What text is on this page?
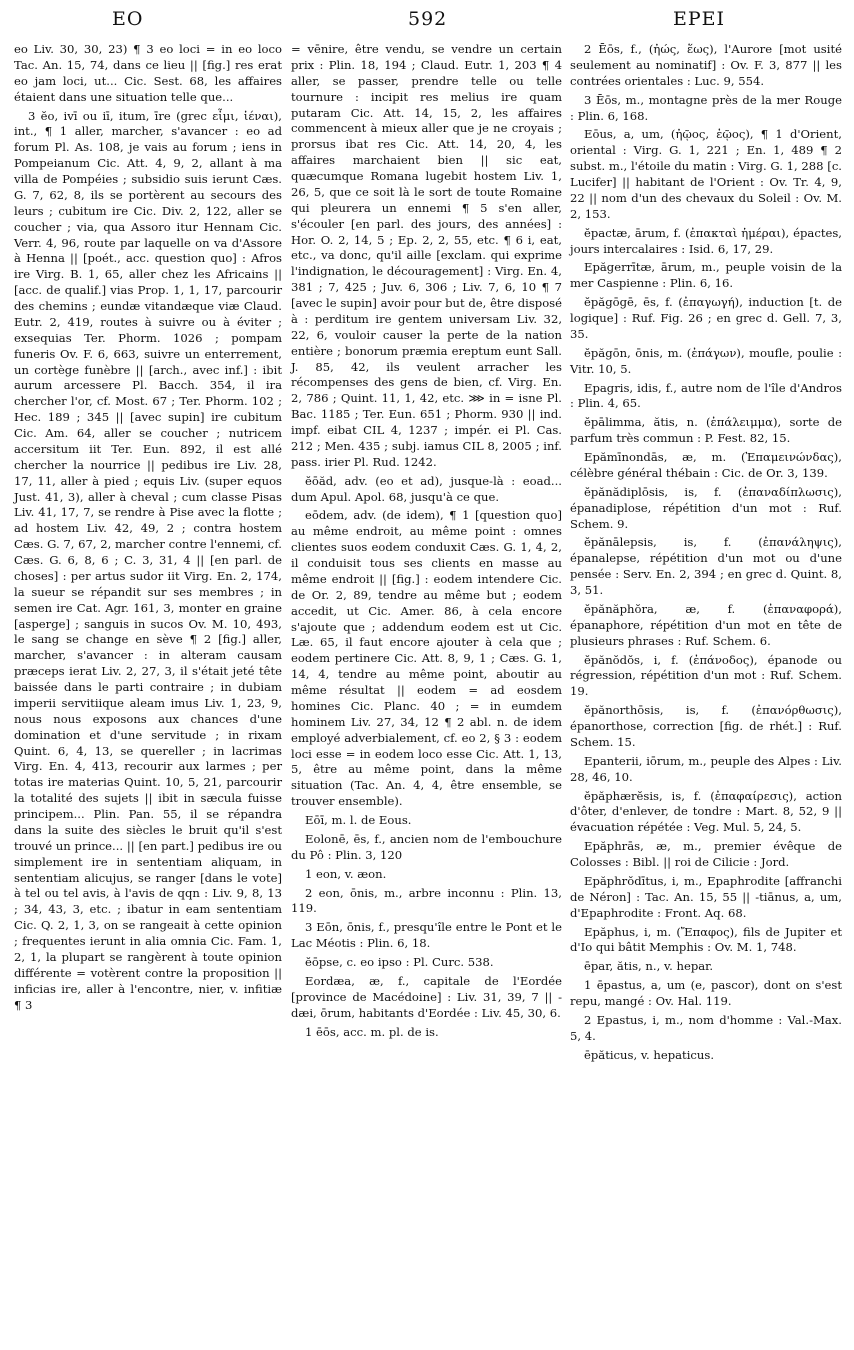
EO	592	EPEI

eo Liv. 30, 30, 23) ¶ 3 eo loci = in eo loco Tac. An. 15, 74, dans ce lieu || [fig.] res erat eo jam loci, ut... Cic. Sest. 68, les affaires étaient dans une situation telle que...

3 ĕo, ivī ou iī, itum, īre (grec εἶμι, ἰέναι), int., ¶ 1 aller, marcher, s'avancer : eo ad forum Pl. As. 108, je vais au forum ; iens in Pompeianum Cic. Att. 4, 9, 2, allant à ma villa de Pompéies ; subsidio suis ierunt Cæs. G. 7, 62, 8, ils se portèrent au secours des leurs ; cubitum ire Cic. Div. 2, 122, aller se coucher ; via, qua Assoro itur Hennam Cic. Verr. 4, 96, route par laquelle on va d'Assore à Henna || [poét., acc. question quo] : Afros ire Virg. B. 1, 65, aller chez les Africains || [acc. de qualif.] vias Prop. 1, 1, 17, parcourir des chemins ; eundæ vitandæque viæ Claud. Eutr. 2, 419, routes à suivre ou à éviter ; exsequias Ter. Phorm. 1026 ; pompam funeris Ov. F. 6, 663, suivre un enterrement, un cortège funèbre || [arch., avec inf.] : ibit aurum arcessere Pl. Bacch. 354, il ira chercher l'or, cf. Most. 67 ; Ter. Phorm. 102 ; Hec. 189 ; 345 || [avec supin] ire cubitum Cic. Am. 64, aller se coucher ; nutricem accersitum iit Ter. Eun. 892, il est allé chercher la nourrice || pedibus ire Liv. 28, 17, 11, aller à pied ; equis Liv. (super equos Just. 41, 3), aller à cheval ; cum classe Pisas Liv. 41, 17, 7, se rendre à Pise avec la flotte ; ad hostem Liv. 42, 49, 2 ; contra hostem Cæs. G. 7, 67, 2, marcher contre l'ennemi, cf. Cæs. G. 6, 8, 6 ; C. 3, 31, 4 || [en parl. de choses] : per artus sudor iit Virg. En. 2, 174, la sueur se répandit sur ses membres ; in semen ire Cat. Agr. 161, 3, monter en graine [asperge] ; sanguis in sucos Ov. M. 10, 493, le sang se change en sève ¶ 2 [fig.] aller, marcher, s'avancer : in alteram causam præceps ierat Liv. 2, 27, 3, il s'était jeté tête baissée dans le parti contraire ; in dubiam imperii servitiique aleam imus Liv. 1, 23, 9, nous nous exposons aux chances d'une domination et d'une servitude ; in rixam Quint. 6, 4, 13, se quereller ; in lacrimas Virg. En. 4, 413, recourir aux larmes ; per totas ire materias Quint. 10, 5, 21, parcourir la totalité des sujets || ibit in sæcula fuisse principem... Plin. Pan. 55, il se répandra dans la suite des siècles le bruit qu'il s'est trouvé un prince... || [en part.] pedibus ire ou simplement ire in sententiam aliquam, in sententiam alicujus, se ranger [dans le vote] à tel ou tel avis, à l'avis de qqn : Liv. 9, 8, 13 ; 34, 43, 3, etc. ; ibatur in eam sententiam Cic. Q. 2, 1, 3, on se rangeait à cette opinion ; frequentes ierunt in alia omnia Cic. Fam. 1, 2, 1, la plupart se rangèrent à toute opinion différente = votèrent contre la proposition || inficias ire, aller à l'encontre, nier, v. infitiæ ¶ 3

= vēnire, être vendu, se vendre un certain prix : Plin. 18, 194 ; Claud. Eutr. 1, 203 ¶ 4 aller, se passer, prendre telle ou telle tournure : incipit res melius ire quam putaram Cic. Att. 14, 15, 2, les affaires commencent à mieux aller que je ne croyais ; prorsus ibat res Cic. Att. 14, 20, 4, les affaires marchaient bien || sic eat, quæcumque Romana lugebit hostem Liv. 1, 26, 5, que ce soit là le sort de toute Romaine qui pleurera un ennemi ¶ 5 s'en aller, s'écouler [en parl. des jours, des années] : Hor. O. 2, 14, 5 ; Ep. 2, 2, 55, etc. ¶ 6 i, eat, etc., va donc, qu'il aille [exclam. qui exprime l'indignation, le découragement] : Virg. En. 4, 381 ; 7, 425 ; Juv. 6, 306 ; Liv. 7, 6, 10 ¶ 7 [avec le supin] avoir pour but de, être disposé à : perditum ire gentem universam Liv. 32, 22, 6, vouloir causer la perte de la nation entière ; bonorum præmia ereptum eunt Sall. J. 85, 42, ils veulent arracher les récompenses des gens de bien, cf. Virg. En. 2, 786 ; Quint. 11, 1, 42, etc. ⋙ in = isne Pl. Bac. 1185 ; Ter. Eun. 651 ; Phorm. 930 || ind. impf. eibat CIL 4, 1237 ; impér. ei Pl. Cas. 212 ; Men. 435 ; subj. iamus CIL 8, 2005 ; inf. pass. irier Pl. Rud. 1242.

ĕōăd, adv. (eo et ad), jusque-là : eoad... dum Apul. Apol. 68, jusqu'à ce que.

eōdem, adv. (de idem), ¶ 1 [question quo] au même endroit, au même point : omnes clientes suos eodem conduxit Cæs. G. 1, 4, 2, il conduisit tous ses clients en masse au même endroit || [fig.] : eodem intendere Cic. de Or. 2, 89, tendre au même but ; eodem accedit, ut Cic. Amer. 86, à cela encore s'ajoute que ; addendum eodem est ut Cic. Læ. 65, il faut encore ajouter à cela que ; eodem pertinere Cic. Att. 8, 9, 1 ; Cæs. G. 1, 14, 4, tendre au même point, aboutir au même résultat || eodem = ad eosdem homines Cic. Planc. 40 ; = in eumdem hominem Liv. 27, 34, 12 ¶ 2 abl. n. de idem employé adverbialement, cf. eo 2, § 3 : eodem loci esse = in eodem loco esse Cic. Att. 1, 13, 5, être au même point, dans la même situation (Tac. An. 4, 4, être ensemble, se trouver ensemble).

Eōī, m. l. de Eous.

Eolonē, ēs, f., ancien nom de l'embouchure du Pô : Plin. 3, 120

1 eon, v. æon.

2 eon, ōnis, m., arbre inconnu : Plin. 13, 119.

3 Eōn, ōnis, f., presqu'île entre le Pont et le Lac Méotis : Plin. 6, 18.

ĕōpse, c. eo ipso : Pl. Curc. 538.

Eordæa, æ, f., capitale de l'Eordée [province de Macédoine] : Liv. 31, 39, 7 || -dæi, ōrum, habitants d'Eordée : Liv. 45, 30, 6.

1 ēōs, acc. m. pl. de is.

2 Ēōs, f., (ἠώς, ἕως), l'Aurore [mot usité seulement au nominatif] : Ov. F. 3, 877 || les contrées orientales : Luc. 9, 554.

3 Ēōs, m., montagne près de la mer Rouge : Plin. 6, 168.

Eōus, a, um, (ἠῷος, ἑῷος), ¶ 1 d'Orient, oriental : Virg. G. 1, 221 ; En. 1, 489 ¶ 2 subst. m., l'étoile du matin : Virg. G. 1, 288 [c. Lucifer] || habitant de l'Orient : Ov. Tr. 4, 9, 22 || nom d'un des chevaux du Soleil : Ov. M. 2, 153.

ĕpactæ, ārum, f. (ἐπακταὶ ἡμέραι), épactes, jours intercalaires : Isid. 6, 17, 29.

Epăgerrītæ, ārum, m., peuple voisin de la mer Caspienne : Plin. 6, 16.

ĕpăgōgē, ēs, f. (ἐπαγωγή), induction [t. de logique] : Ruf. Fig. 26 ; en grec d. Gell. 7, 3, 35.

ĕpăgōn, ōnis, m. (ἐπάγων), moufle, poulie : Vitr. 10, 5.

Epagris, idis, f., autre nom de l'île d'Andros : Plin. 4, 65.

ĕpālimma, ătis, n. (ἐπάλειμμα), sorte de parfum très commun : P. Fest. 82, 15.

Epămīnondās, æ, m. (Ἐπαμεινώνδας), célèbre général thébain : Cic. de Or. 3, 139.

ĕpănădiplōsis, is, f. (ἐπαναδίπλωσις), épanadiplose, répétition d'un mot : Ruf. Schem. 9.

ĕpănālepsis, is, f. (ἐπανάληψις), épanalepse, répétition d'un mot ou d'une pensée : Serv. En. 2, 394 ; en grec d. Quint. 8, 3, 51.

ĕpănăphŏra, æ, f. (ἐπαναφορά), épanaphore, répétition d'un mot en tête de plusieurs phrases : Ruf. Schem. 6.

ĕpănŏdŏs, i, f. (ἐπάνοδος), épanode ou régression, répétition d'un mot : Ruf. Schem. 19.

ĕpănorthōsis, is, f. (ἐπανόρθωσις), épanorthose, correction [fig. de rhét.] : Ruf. Schem. 15.

Epanterii, iōrum, m., peuple des Alpes : Liv. 28, 46, 10.

ĕpăphærĕsis, is, f. (ἐπαφαίρεσις), action d'ôter, d'enlever, de tondre : Mart. 8, 52, 9 || évacuation répétée : Veg. Mul. 5, 24, 5.

Epăphrās, æ, m., premier évêque de Colosses : Bibl. || roi de Cilicie : Jord.

Epăphrŏdītus, i, m., Epaphrodite [affranchi de Néron] : Tac. An. 15, 55 || -tiānus, a, um, d'Epaphrodite : Front. Aq. 68.

Epăphus, i, m. (Ἔπαφος), fils de Jupiter et d'Io qui bâtit Memphis : Ov. M. 1, 748.

ēpar, ătis, n., v. hepar.

1 ēpastus, a, um (e, pascor), dont on s'est repu, mangé : Ov. Hal. 119.

2 Epastus, i, m., nom d'homme : Val.-Max. 5, 4.

ēpăticus, v. hepaticus.
